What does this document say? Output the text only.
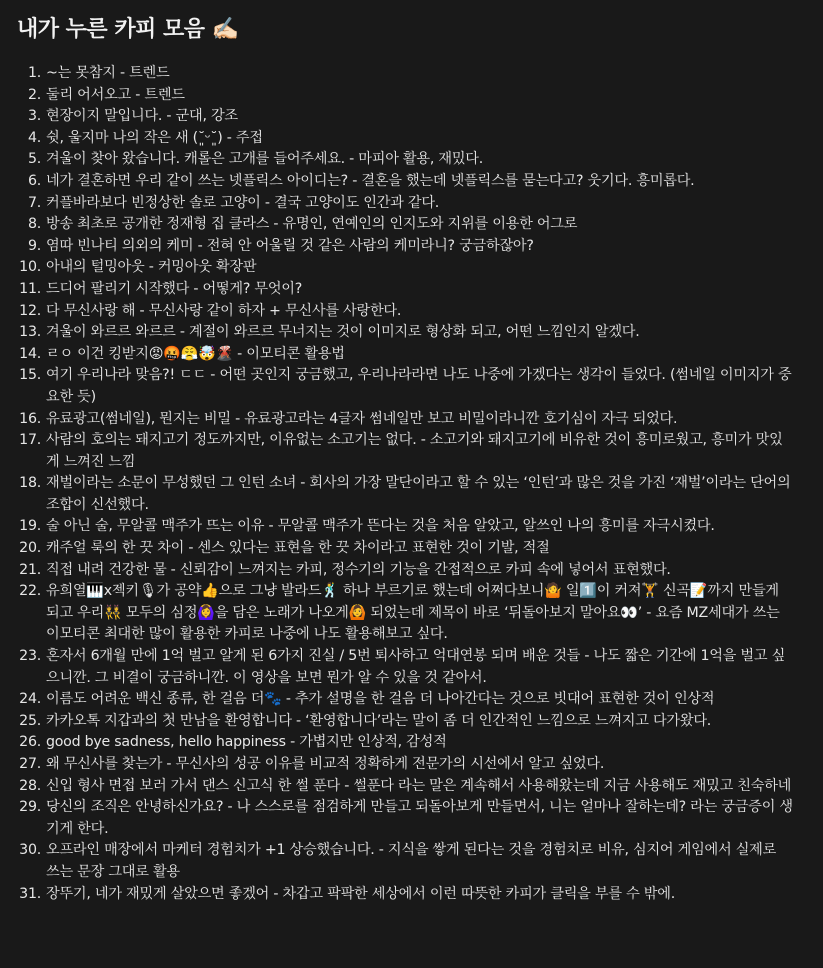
내가 누른 카피 모음 ✍🏻
1. ~는 못참지 - 트렌드
2. 둘리 어서오고 - 트렌드
3. 현장이지 말입니다. - 군대, 강조
4. 쉿, 울지마 나의 작은 새 (˘͈ᵕ˘͈) - 주접
5. 겨울이 찾아 왔습니다. 캐롤은 고개를 들어주세요. - 마피아 활용, 재밌다.
6. 네가 결혼하면 우리 같이 쓰는 넷플릭스 아이디는? - 결혼을 했는데 넷플릭스를 묻는다고? 웃기다. 흥미롭다.
7. 커플바라보다 빈정상한 솔로 고양이 - 결국 고양이도 인간과 같다.
8. 방송 최초로 공개한 정재형 집 클라스 - 유명인, 연예인의 인지도와 지위를 이용한 어그로
9. 염따 빈나티 의외의 케미 - 전혀 안 어울릴 것 같은 사람의 케미라니? 궁금하잖아?
10. 아내의 털밍아웃 - 커밍아웃 확장판
11. 드디어 팔리기 시작했다 - 어떻게? 무엇이?
12. 다 무신사랑 해 - 무신사랑 같이 하자 + 무신사를 사랑한다.
13. 겨울이 와르르 와르르 - 계절이 와르르 무너지는 것이 이미지로 형상화 되고, 어떤 느낌인지 알겠다.
14. ㄹㅇ 이건 킹받지😡🤬😤🤯🌋 - 이모티콘 활용법
15. 여기 우리나라 맞음?! ㄷㄷ - 어떤 곳인지 궁금했고, 우리나라라면 나도 나중에 가겠다는 생각이 들었다. (썸네일 이미지가 중요한 듯)
16. 유료광고(썸네일), 뭔지는 비밀 - 유료광고라는 4글자 썸네일만 보고 비밀이라니깐 호기심이 자극 되었다.
17. 사람의 호의는 돼지고기 정도까지만, 이유없는 소고기는 없다. - 소고기와 돼지고기에 비유한 것이 흥미로웠고, 흥미가 맛있게 느껴진 느낌
18. 재벌이라는 소문이 무성했던 그 인턴 소녀 - 회사의 가장 말단이라고 할 수 있는 ‘인턴’과 많은 것을 가진 ‘재벌’이라는 단어의 조합이 신선했다.
19. 술 아닌 술, 무알콜 맥주가 뜨는 이유 - 무알콜 맥주가 뜬다는 것을 처음 알았고, 알쓰인 나의 흥미를 자극시켰다.
20. 캐주얼 룩의 한 끗 차이 - 센스 있다는 표현을 한 끗 차이라고 표현한 것이 기발, 적절
21. 직접 내려 건강한 물 - 신뢰감이 느껴지는 카피, 정수기의 기능을 간접적으로 카피 속에 넣어서 표현했다.
22. 유희열🎹x젝키🎙가 공약👍으로 그냥 발라드🕺 하나 부르기로 했는데 어쩌다보니🤷 일1️⃣이 커져🏋 신곡📝까지 만들게 되고 우리👯 모두의 심정🙆‍♀️을 담은 노래가 나오게🙆 되었는데 제목이 바로 ‘뒤돌아보지 말아요👀’ - 요즘 MZ세대가 쓰는 이모티콘 최대한 많이 활용한 카피로 나중에 나도 활용해보고 싶다.
23. 혼자서 6개월 만에 1억 벌고 알게 된 6가지 진실 / 5번 퇴사하고 억대연봉 되며 배운 것들 - 나도 짧은 기간에 1억을 벌고 싶으니깐. 그 비결이 궁금하니깐. 이 영상을 보면 뭔가 알 수 있을 것 같아서.
24. 이름도 어려운 백신 종류, 한 걸음 더🐾 - 추가 설명을 한 걸음 더 나아간다는 것으로 빗대어 표현한 것이 인상적
25. 카카오톡 지갑과의 첫 만남을 환영합니다 - ‘환영합니다’라는 말이 좀 더 인간적인 느낌으로 느껴지고 다가왔다.
26. good bye sadness, hello happiness - 가볍지만 인상적, 감성적
27. 왜 무신사를 찾는가 - 무신사의 성공 이유를 비교적 정확하게 전문가의 시선에서 알고 싶었다.
28. 신입 형사 면접 보러 가서 댄스 신고식 한 썰 푼다 - 썰푼다 라는 말은 계속해서 사용해왔는데 지금 사용해도 재밌고 친숙하네
29. 당신의 조직은 안녕하신가요? - 나 스스로를 점검하게 만들고 되돌아보게 만들면서, 니는 얼마나 잘하는데? 라는 궁금증이 생기게 한다.
30. 오프라인 매장에서 마케터 경험치가 +1 상승했습니다. - 지식을 쌓게 된다는 것을 경험치로 비유, 심지어 게임에서 실제로 쓰는 문장 그대로 활용
31. 장뚜기, 네가 재밌게 살았으면 좋겠어 - 차갑고 팍팍한 세상에서 이런 따뜻한 카피가 클릭을 부를 수 밖에.
